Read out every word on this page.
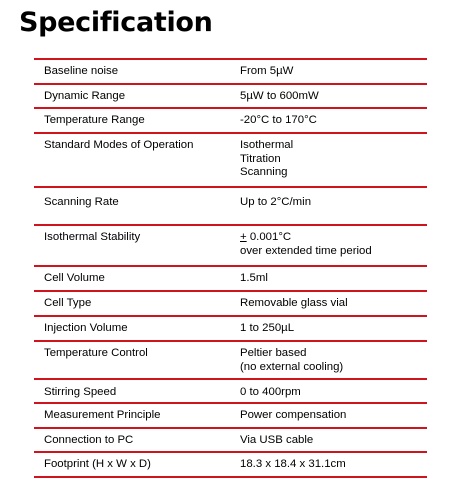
Specification
Baseline noise	From 5µW
Dynamic Range	5µW to 600mW
Temperature Range	-20°C to 170°C
Standard Modes of Operation	Isothermal
Titration
Scanning
Scanning Rate	Up to 2°C/min
Isothermal Stability	+ 0.001°C
over extended time period
Cell Volume	1.5ml
Cell Type	Removable glass vial
Injection Volume	1 to 250µL
Temperature Control	Peltier based
(no external cooling)
Stirring Speed	0 to 400rpm
Measurement Principle	Power compensation
Connection to PC	Via USB cable
Footprint (H x W x D)	18.3 x 18.4 x 31.1cm
